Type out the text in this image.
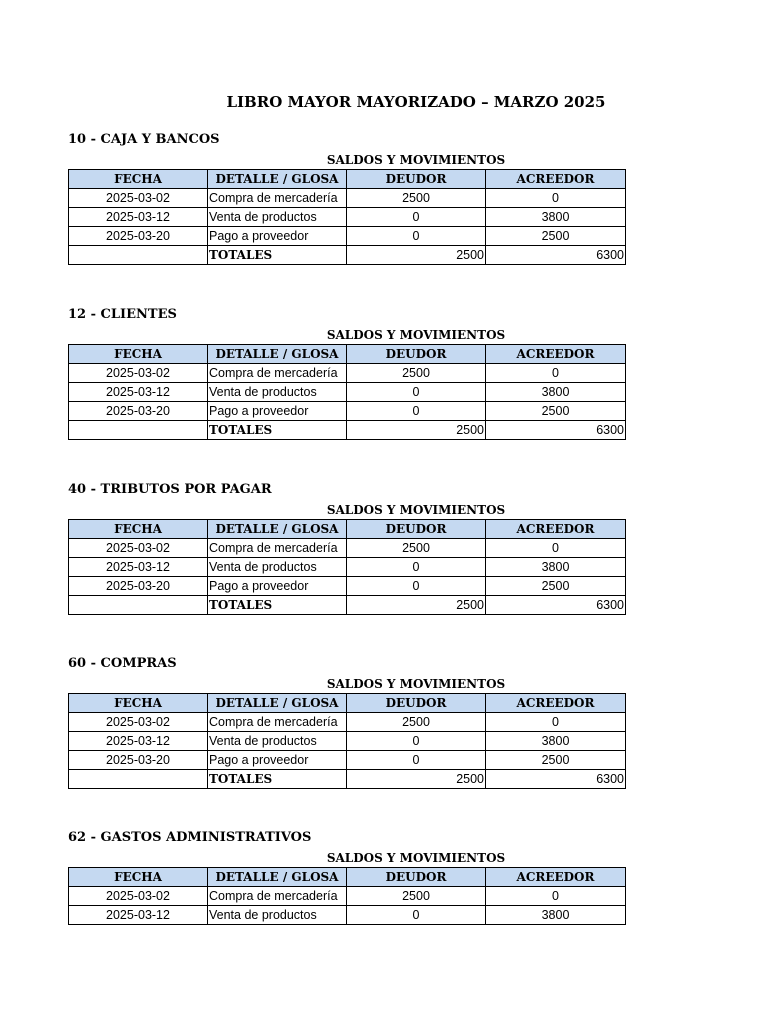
LIBRO MAYOR MAYORIZADO – MARZO 2025
10 - CAJA Y BANCOS
SALDOS Y MOVIMIENTOS
FECHA	DETALLE / GLOSA	DEUDOR	ACREEDOR
2025-03-02	Compra de mercadería	2500	0
2025-03-12	Venta de productos	0	3800
2025-03-20	Pago a proveedor	0	2500
	TOTALES	2500	6300
12 - CLIENTES
SALDOS Y MOVIMIENTOS
FECHA	DETALLE / GLOSA	DEUDOR	ACREEDOR
2025-03-02	Compra de mercadería	2500	0
2025-03-12	Venta de productos	0	3800
2025-03-20	Pago a proveedor	0	2500
	TOTALES	2500	6300
40 - TRIBUTOS POR PAGAR
SALDOS Y MOVIMIENTOS
FECHA	DETALLE / GLOSA	DEUDOR	ACREEDOR
2025-03-02	Compra de mercadería	2500	0
2025-03-12	Venta de productos	0	3800
2025-03-20	Pago a proveedor	0	2500
	TOTALES	2500	6300
60 - COMPRAS
SALDOS Y MOVIMIENTOS
FECHA	DETALLE / GLOSA	DEUDOR	ACREEDOR
2025-03-02	Compra de mercadería	2500	0
2025-03-12	Venta de productos	0	3800
2025-03-20	Pago a proveedor	0	2500
	TOTALES	2500	6300
62 - GASTOS ADMINISTRATIVOS
SALDOS Y MOVIMIENTOS
FECHA	DETALLE / GLOSA	DEUDOR	ACREEDOR
2025-03-02	Compra de mercadería	2500	0
2025-03-12	Venta de productos	0	3800
